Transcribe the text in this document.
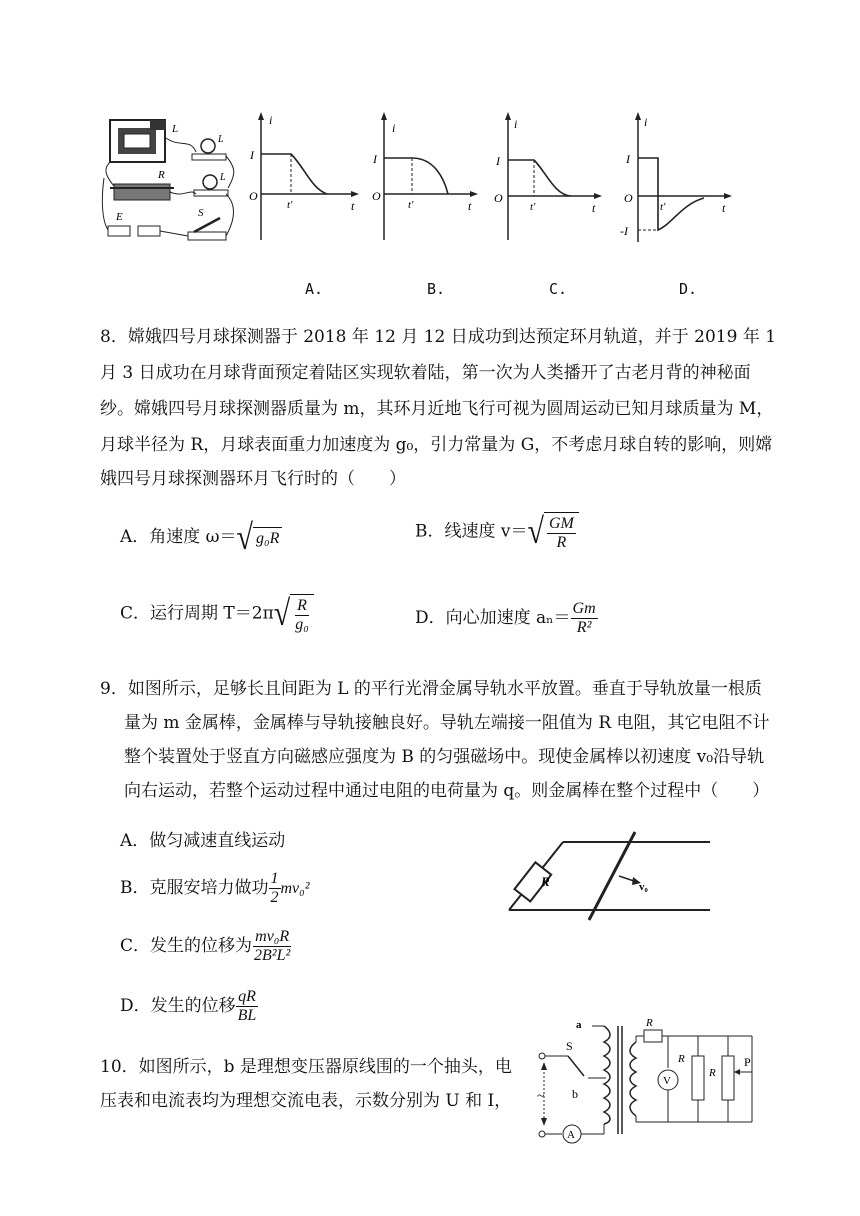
L
L
R	L
E	S
i
I
O
t
t'
i
I
O
t
t'
i
I
O
t
t'
i
I
O
-I
t
t'
A.	B.	C.	D.
8．嫦娥四号月球探测器于 2018 年 12 月 12 日成功到达预定环月轨道，并于 2019 年 1
月 3 日成功在月球背面预定着陆区实现软着陆，第一次为人类播开了古老月背的神秘面
纱。嫦娥四号月球探测器质量为 m，其环月近地飞行可视为圆周运动已知月球质量为 M，
月球半径为 R，月球表面重力加速度为 g₀，引力常量为 G，不考虑月球自转的影响，则嫦
娥四号月球探测器环月飞行时的（　　）
A．角速度 ω＝ √ g₀R	B．线速度 v＝ √ $\frac{GM}{R}$
C．运行周期 T＝2π √ $\frac{R}{\text{g₀}}$	D．向心加速度 $a_n= \frac{Gm}{\text{R²}}$
9．如图所示，足够长且间距为 L 的平行光滑金属导轨水平放置。垂直于导轨放量一根质
量为 m 金属棒，金属棒与导轨接触良好。导轨左端接一阻值为 R 电阻，其它电阻不计
整个装置处于竖直方向磁感应强度为 B 的匀强磁场中。现使金属棒以初速度 v₀沿导轨
向右运动，若整个运动过程中通过电阻的电荷量为 q。则金属棒在整个过程中（　　）
A．做匀减速直线运动
B．克服安培力做功 $\frac{1}{2} mv_0^2$
C．发生的位移为 $\frac{\text{mv₀R}}{\text{2B²L²}}$
D．发生的位移 $\frac{qR}{BL}$
R	v₀
10．如图所示，b 是理想变压器原线围的一个抽头，电
压表和电流表均为理想交流电表，示数分别为 U 和 I，
a
S
b
~
R
R
R
P
V
A
